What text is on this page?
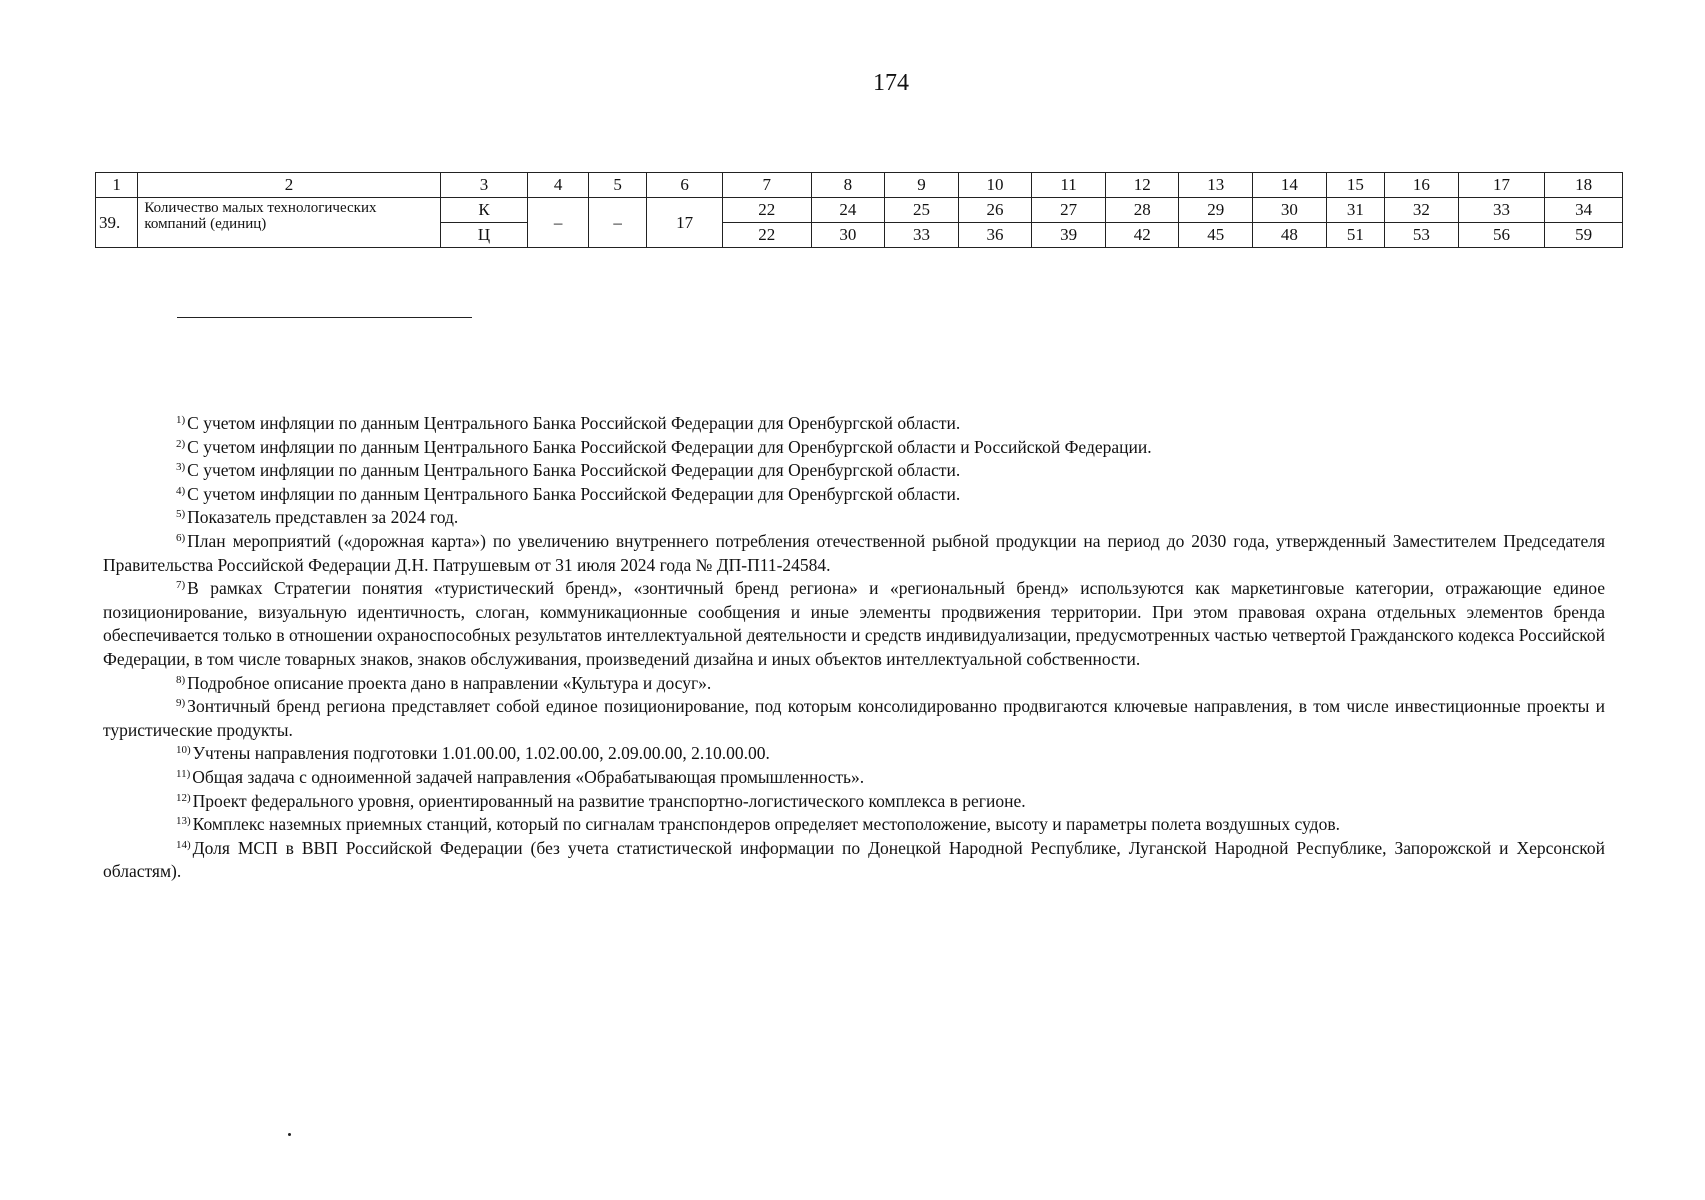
174
1	2	3	4	5	6	7	8	9	10	11	12	13	14	15	16	17	18
39.	Количество малых технологических компаний (единиц)	К	–	–	17	22	24	25	26	27	28	29	30	31	32	33	34
		Ц				22	30	33	36	39	42	45	48	51	53	56	59

$^{1)}$ С учетом инфляции по данным Центрального Банка Российской Федерации для Оренбургской области.

$^{2)}$ С учетом инфляции по данным Центрального Банка Российской Федерации для Оренбургской области и Российской Федерации.

$^{3)}$ С учетом инфляции по данным Центрального Банка Российской Федерации для Оренбургской области.

$^{4)}$ С учетом инфляции по данным Центрального Банка Российской Федерации для Оренбургской области.

$^{5)}$ Показатель представлен за 2024 год.

$^{6)}$ План мероприятий («дорожная карта») по увеличению внутреннего потребления отечественной рыбной продукции на период до 2030 года, утвержденный Заместителем Председателя Правительства Российской Федерации Д.Н. Патрушевым от 31 июля 2024 года № ДП-П11-24584.

$^{7)}$ В рамках Стратегии понятия «туристический бренд», «зонтичный бренд региона» и «региональный бренд» используются как маркетинговые категории, отражающие единое позиционирование, визуальную идентичность, слоган, коммуникационные сообщения и иные элементы продвижения территории. При этом правовая охрана отдельных элементов бренда обеспечивается только в отношении охраноспособных результатов интеллектуальной деятельности и средств индивидуализации, предусмотренных частью четвертой Гражданского кодекса Российской Федерации, в том числе товарных знаков, знаков обслуживания, произведений дизайна и иных объектов интеллектуальной собственности.

$^{8)}$ Подробное описание проекта дано в направлении «Культура и досуг».

$^{9)}$ Зонтичный бренд региона представляет собой единое позиционирование, под которым консолидированно продвигаются ключевые направления, в том числе инвестиционные проекты и туристические продукты.

$^{10)}$ Учтены направления подготовки 1.01.00.00, 1.02.00.00, 2.09.00.00, 2.10.00.00.

$^{11)}$ Общая задача с одноименной задачей направления «Обрабатывающая промышленность».

$^{12)}$ Проект федерального уровня, ориентированный на развитие транспортно-логистического комплекса в регионе.

$^{13)}$ Комплекс наземных приемных станций, который по сигналам транспондеров определяет местоположение, высоту и параметры полета воздушных судов.

$^{14)}$ Доля МСП в ВВП Российской Федерации (без учета статистической информации по Донецкой Народной Республике, Луганской Народной Республике, Запорожской и Херсонской областям).
